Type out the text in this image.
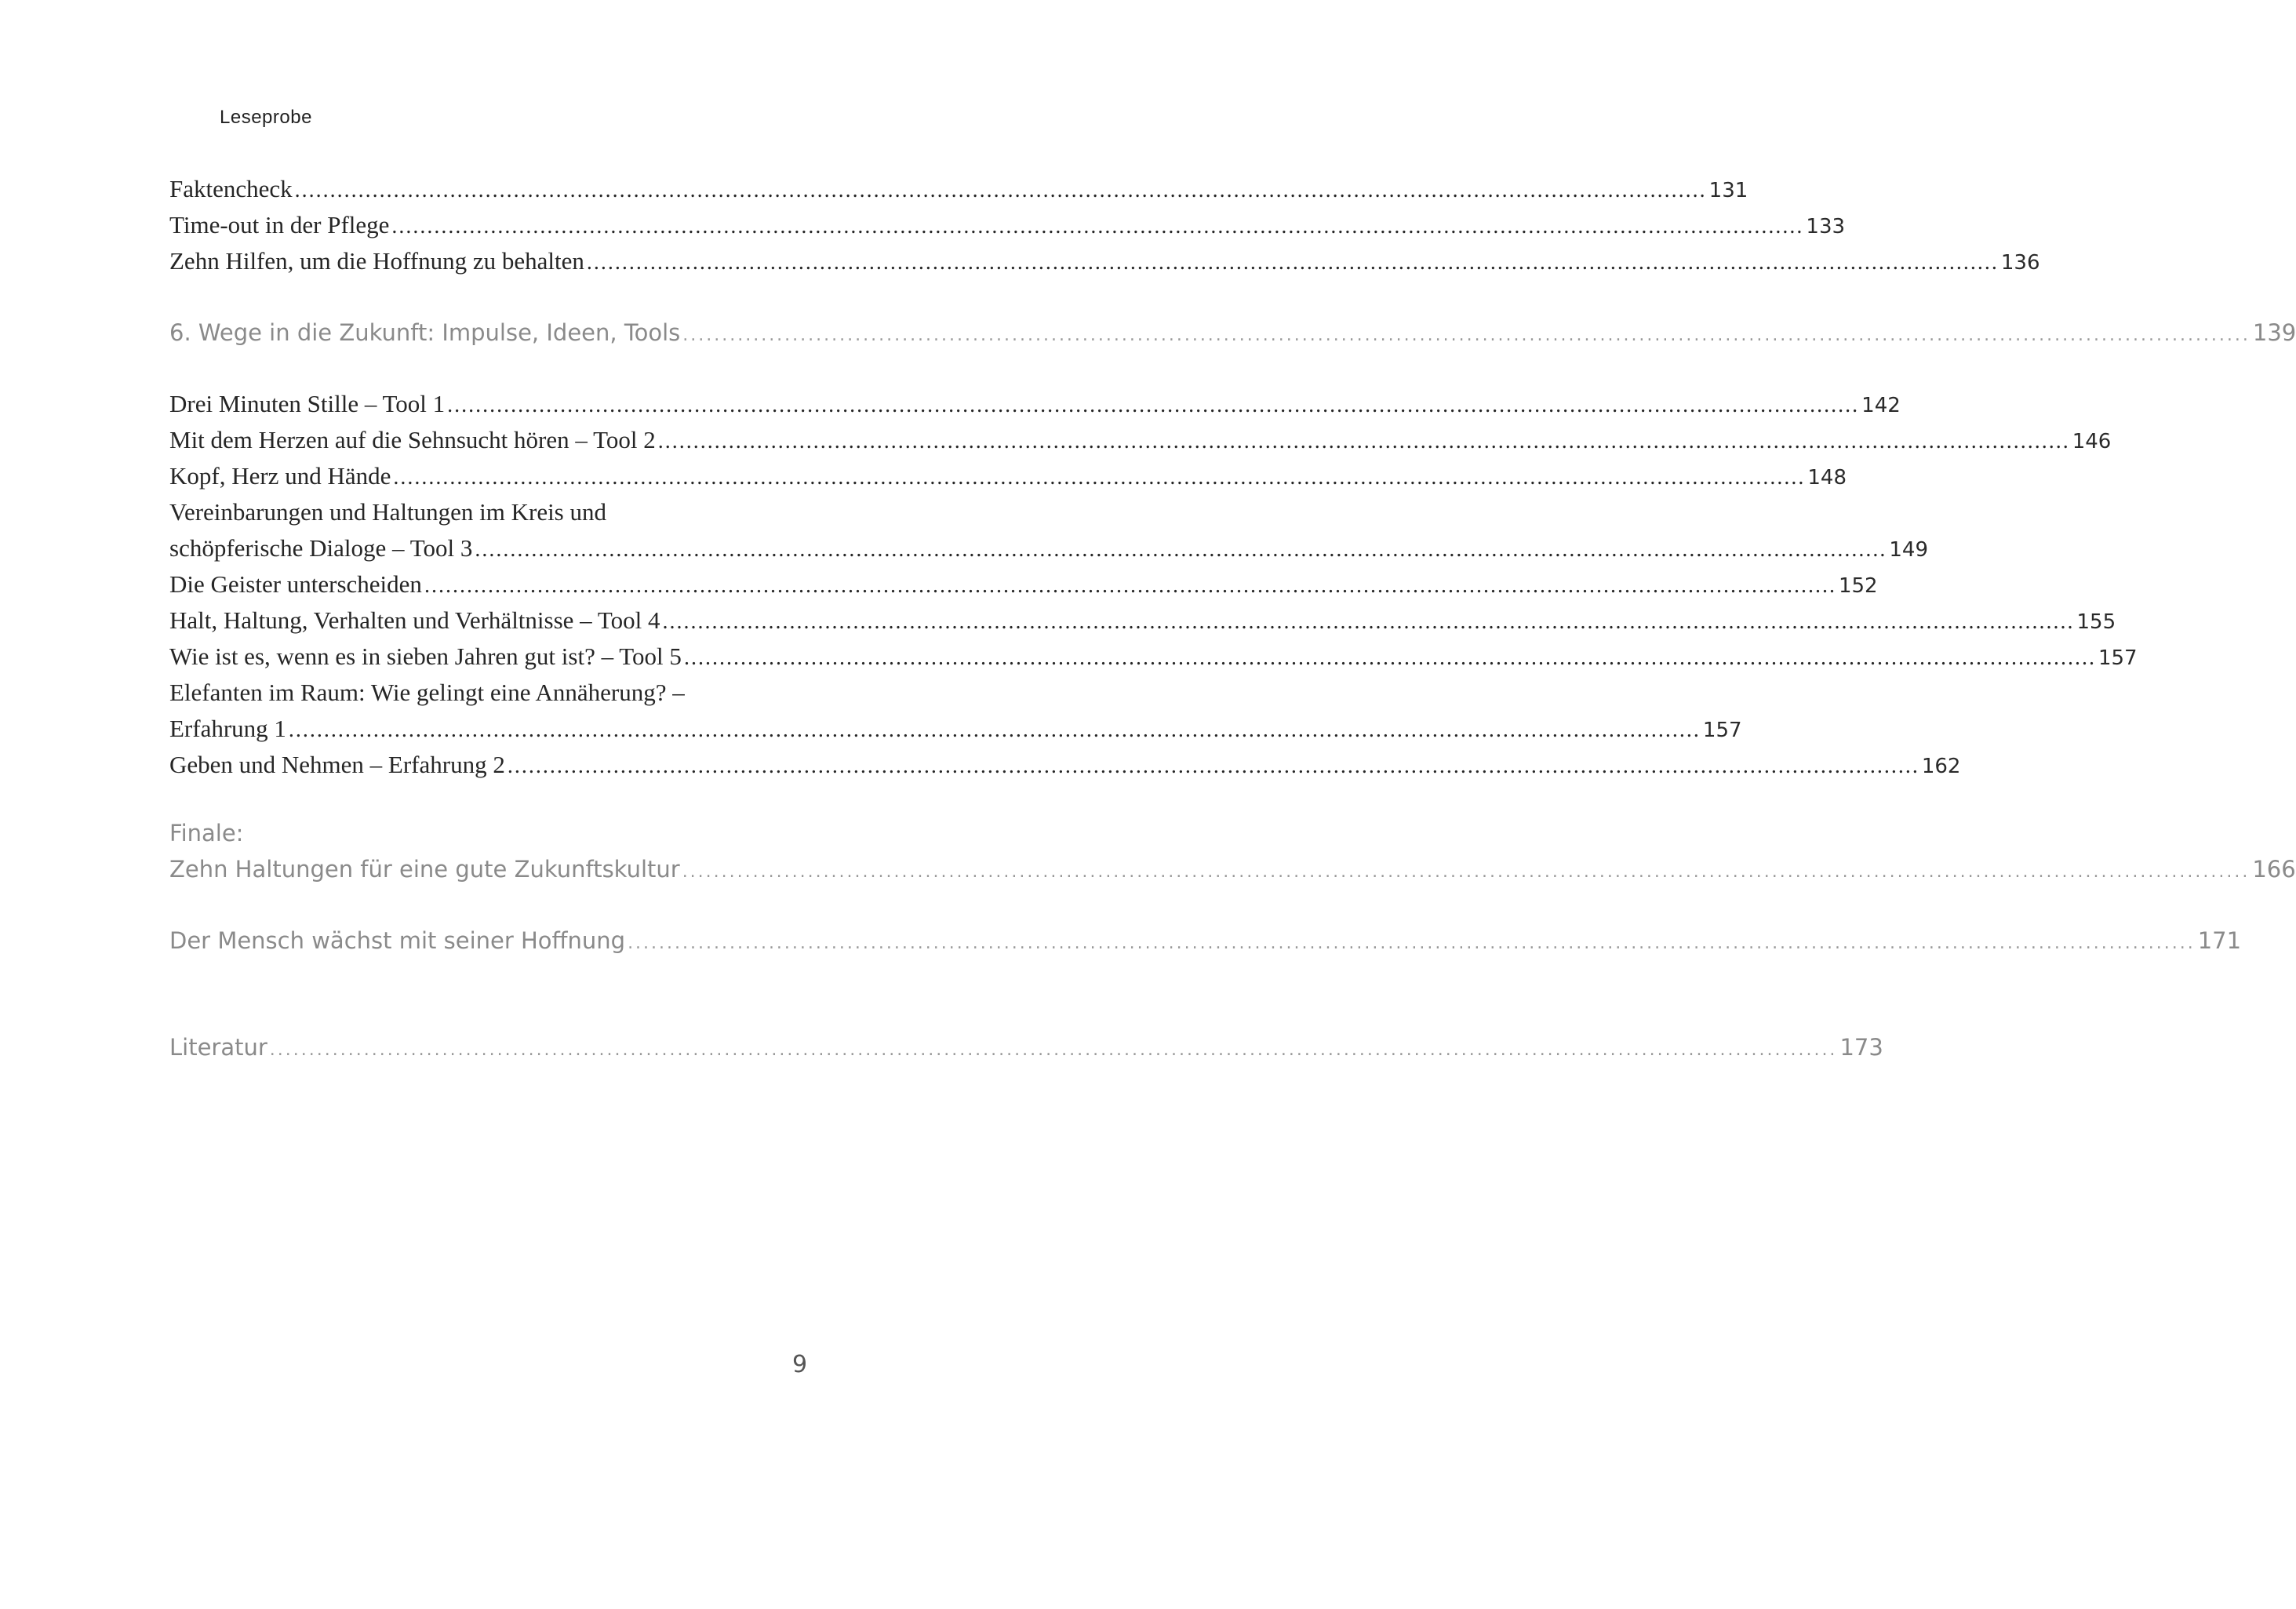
Leseprobe
Faktencheck ........................................................................................................................................................................................................ 131
Time-out in der Pflege ........................................................................................................................................................................................................ 133
Zehn Hilfen, um die Hoffnung zu behalten ........................................................................................................................................................................................................ 136
6. Wege in die Zukunft: Impulse, Ideen, Tools ........................................................................................................................................................................................................ 139
Drei Minuten Stille – Tool 1 ........................................................................................................................................................................................................ 142
Mit dem Herzen auf die Sehnsucht hören – Tool 2 ........................................................................................................................................................................................................ 146
Kopf, Herz und Hände ........................................................................................................................................................................................................ 148
Vereinbarungen und Haltungen im Kreis und
schöpferische Dialoge – Tool 3 ........................................................................................................................................................................................................ 149
Die Geister unterscheiden ........................................................................................................................................................................................................ 152
Halt, Haltung, Verhalten und Verhältnisse – Tool 4 ........................................................................................................................................................................................................ 155
Wie ist es, wenn es in sieben Jahren gut ist? – Tool 5 ........................................................................................................................................................................................................ 157
Elefanten im Raum: Wie gelingt eine Annäherung? –
Erfahrung 1 ........................................................................................................................................................................................................ 157
Geben und Nehmen – Erfahrung 2 ........................................................................................................................................................................................................ 162
Finale:
Zehn Haltungen für eine gute Zukunftskultur ........................................................................................................................................................................................................ 166
Der Mensch wächst mit seiner Hoffnung ........................................................................................................................................................................................................ 171
Literatur ........................................................................................................................................................................................................ 173
9
